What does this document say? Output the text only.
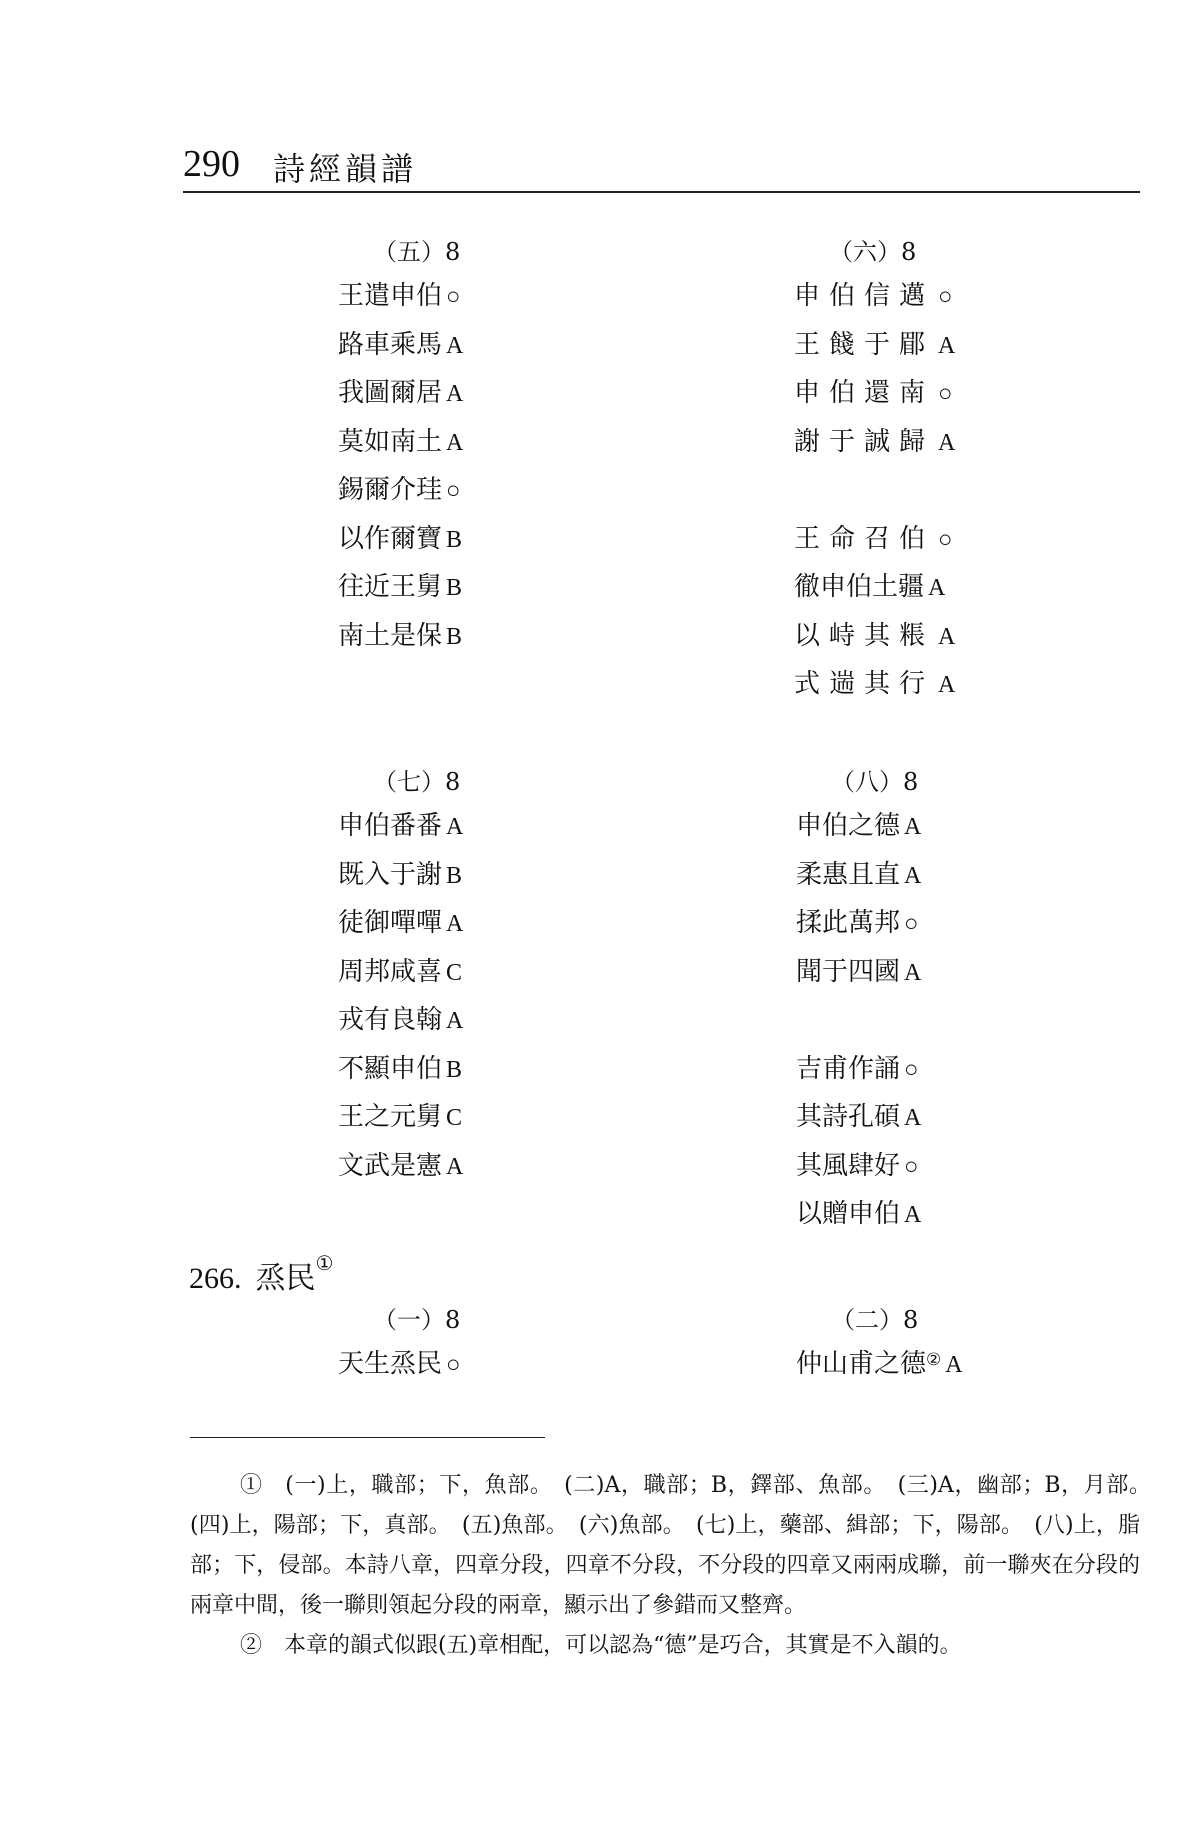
290 詩經韻譜
（五）8
王遣申伯 ○
路車乘馬 A
我圖爾居 A
莫如南土 A
錫爾介珪 ○
以作爾寶 B
往近王舅 B
南土是保 B
（六）8
申伯信邁 ○
王餞于郿 A
申伯還南 ○
謝于誠歸 A
王命召伯 ○
徹申伯土疆 A
以峙其粻 A
式遄其行 A
（七）8
申伯番番 A
既入于謝 B
徒御嘽嘽 A
周邦咸喜 C
戎有良翰 A
不顯申伯 B
王之元舅 C
文武是憲 A
（八）8
申伯之德 A
柔惠且直 A
揉此萬邦 ○
聞于四國 A
吉甫作誦 ○
其詩孔碩 A
其風肆好 ○
以贈申伯 A
266. 烝民①
（一）8
天生烝民 ○
（二）8
仲山甫之德② A

①　(一)上，職部；下，魚部。　(二)A，職部；B，鐸部、魚部。　(三)A，幽部；B，月部。　(四)上，陽部；下，真部。　(五)魚部。　(六)魚部。　(七)上，藥部、緝部；下，陽部。　(八)上，脂部；下，侵部。本詩八章，四章分段，四章不分段，不分段的四章又兩兩成聯，前一聯夾在分段的兩章中間，後一聯則領起分段的兩章，顯示出了參錯而又整齊。

②　本章的韻式似跟(五)章相配，可以認為“德”是巧合，其實是不入韻的。
